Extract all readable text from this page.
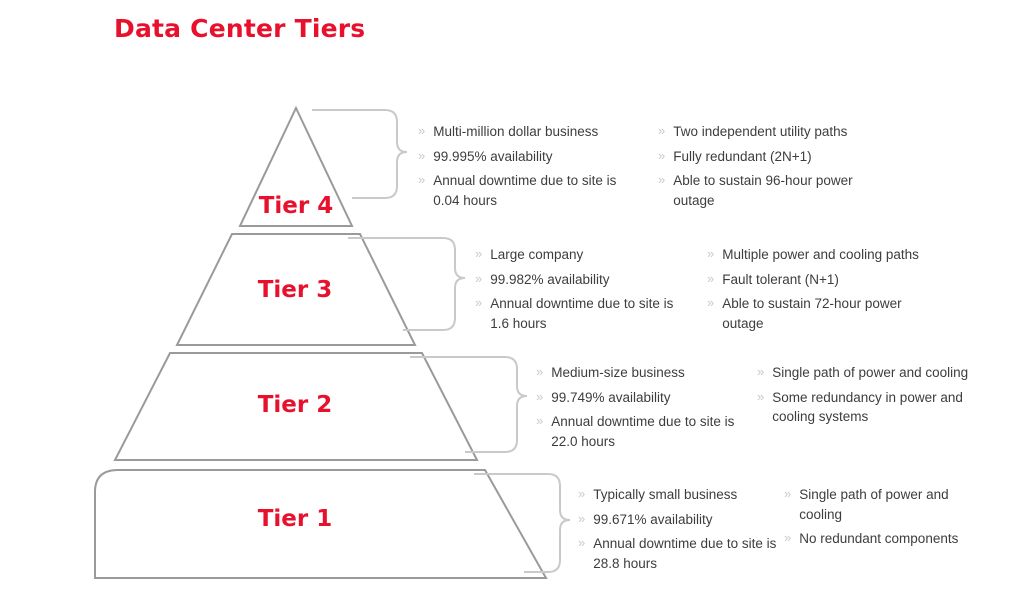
Data Center Tiers
Tier 4
Tier 3
Tier 2
Tier 1
» Multi-million dollar business
» 99.995% availability
» Annual downtime due to site is 0.04 hours
» Two independent utility paths
» Fully redundant (2N+1)
» Able to sustain 96-hour power outage
» Large company
» 99.982% availability
» Annual downtime due to site is 1.6 hours
» Multiple power and cooling paths
» Fault tolerant (N+1)
» Able to sustain 72-hour power outage
» Medium-size business
» 99.749% availability
» Annual downtime due to site is 22.0 hours
» Single path of power and cooling
» Some redundancy in power and cooling systems
» Typically small business
» 99.671% availability
» Annual downtime due to site is 28.8 hours
» Single path of power and cooling
» No redundant components
